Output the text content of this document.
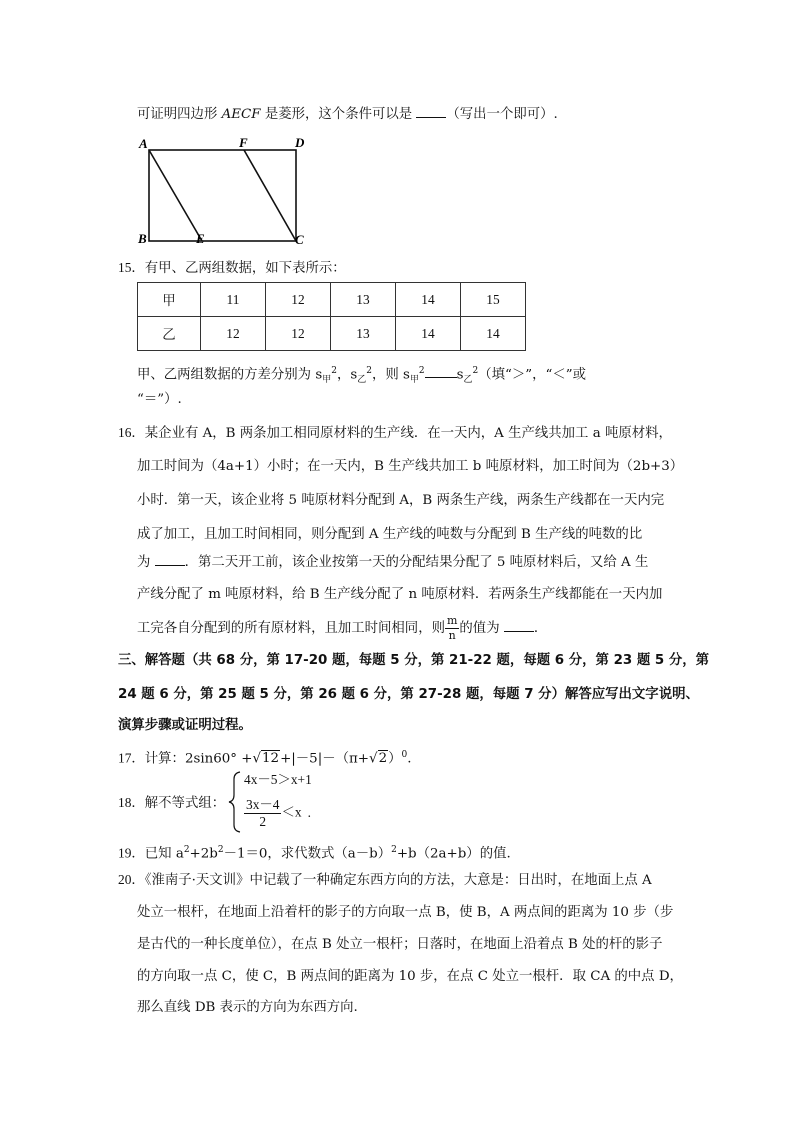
可证明四边形 AECF 是菱形，这个条件可以是 （写出一个即可）.
A	F	D
B	E	C
15．有甲、乙两组数据，如下表所示：
甲	11	12	13	14	15
乙	12	12	13	14	14
甲、乙两组数据的方差分别为 $s_甲^2$，$s_乙^2$，则 $s_甲^2$ $s_乙^2$（填“＞”，“＜”或
“＝”）.
16．某企业有 A，B 两条加工相同原材料的生产线．在一天内，A 生产线共加工 a 吨原材料，
加工时间为（4a+1）小时；在一天内，B 生产线共加工 b 吨原材料，加工时间为（2b+3）
小时．第一天，该企业将 5 吨原材料分配到 A，B 两条生产线，两条生产线都在一天内完
成了加工，且加工时间相同，则分配到 A 生产线的吨数与分配到 B 生产线的吨数的比
为 ．第二天开工前，该企业按第一天的分配结果分配了 5 吨原材料后，又给 A 生
产线分配了 m 吨原材料，给 B 生产线分配了 n 吨原材料．若两条生产线都能在一天内加
工完各自分配到的所有原材料，且加工时间相同，则 $\frac{m}{n}$ 的值为 ．
三、解答题（共 68 分，第 17-20 题，每题 5 分，第 21-22 题，每题 6 分，第 23 题 5 分，第
24 题 6 分，第 25 题 5 分，第 26 题 6 分，第 27-28 题，每题 7 分）解答应写出文字说明、
演算步骤或证明过程。
17．计算：$2\sin 60^\circ +√12+|-5|-(\pi+√2)^0$.
18．解不等式组：
4x－5＞x+1
$\frac{3x-4}{2} <x$ .
19．已知 $a^2+2b^2-1=0$，求代数式$(a-b)^2+b(2a+b)$的值.
20．《淮南子·天文训》中记载了一种确定东西方向的方法，大意是：日出时，在地面上点 A
处立一根杆，在地面上沿着杆的影子的方向取一点 B，使 B，A 两点间的距离为 10 步（步
是古代的一种长度单位），在点 B 处立一根杆；日落时，在地面上沿着点 B 处的杆的影子
的方向取一点 C，使 C，B 两点间的距离为 10 步，在点 C 处立一根杆．取 CA 的中点 D，
那么直线 DB 表示的方向为东西方向.
